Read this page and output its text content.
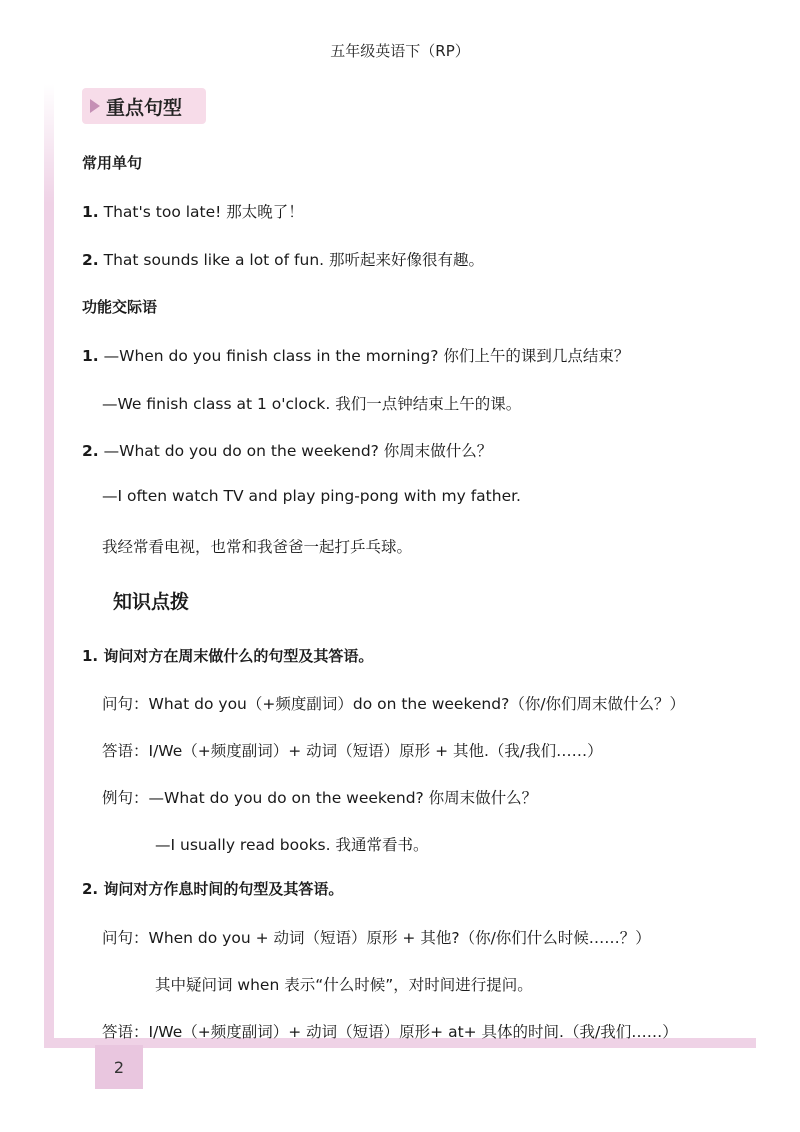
五年级英语下（RP）
重点句型
常用单句
1. That's too late! 那太晚了！
2. That sounds like a lot of fun. 那听起来好像很有趣。
功能交际语
1. —When do you finish class in the morning? 你们上午的课到几点结束？
—We finish class at 1 o'clock. 我们一点钟结束上午的课。
2. —What do you do on the weekend? 你周末做什么？
—I often watch TV and play ping-pong with my father.
我经常看电视，也常和我爸爸一起打乒乓球。
知识点拨
1. 询问对方在周末做什么的句型及其答语。
问句：What do you（+频度副词）do on the weekend?（你/你们周末做什么？）
答语：I/We（+频度副词）+ 动词（短语）原形 + 其他.（我/我们……）
例句：—What do you do on the weekend? 你周末做什么？
—I usually read books. 我通常看书。
2. 询问对方作息时间的句型及其答语。
问句：When do you + 动词（短语）原形 + 其他?（你/你们什么时候……？）
其中疑问词 when 表示“什么时候”，对时间进行提问。
答语：I/We（+频度副词）+ 动词（短语）原形+ at+ 具体的时间.（我/我们……）
2
